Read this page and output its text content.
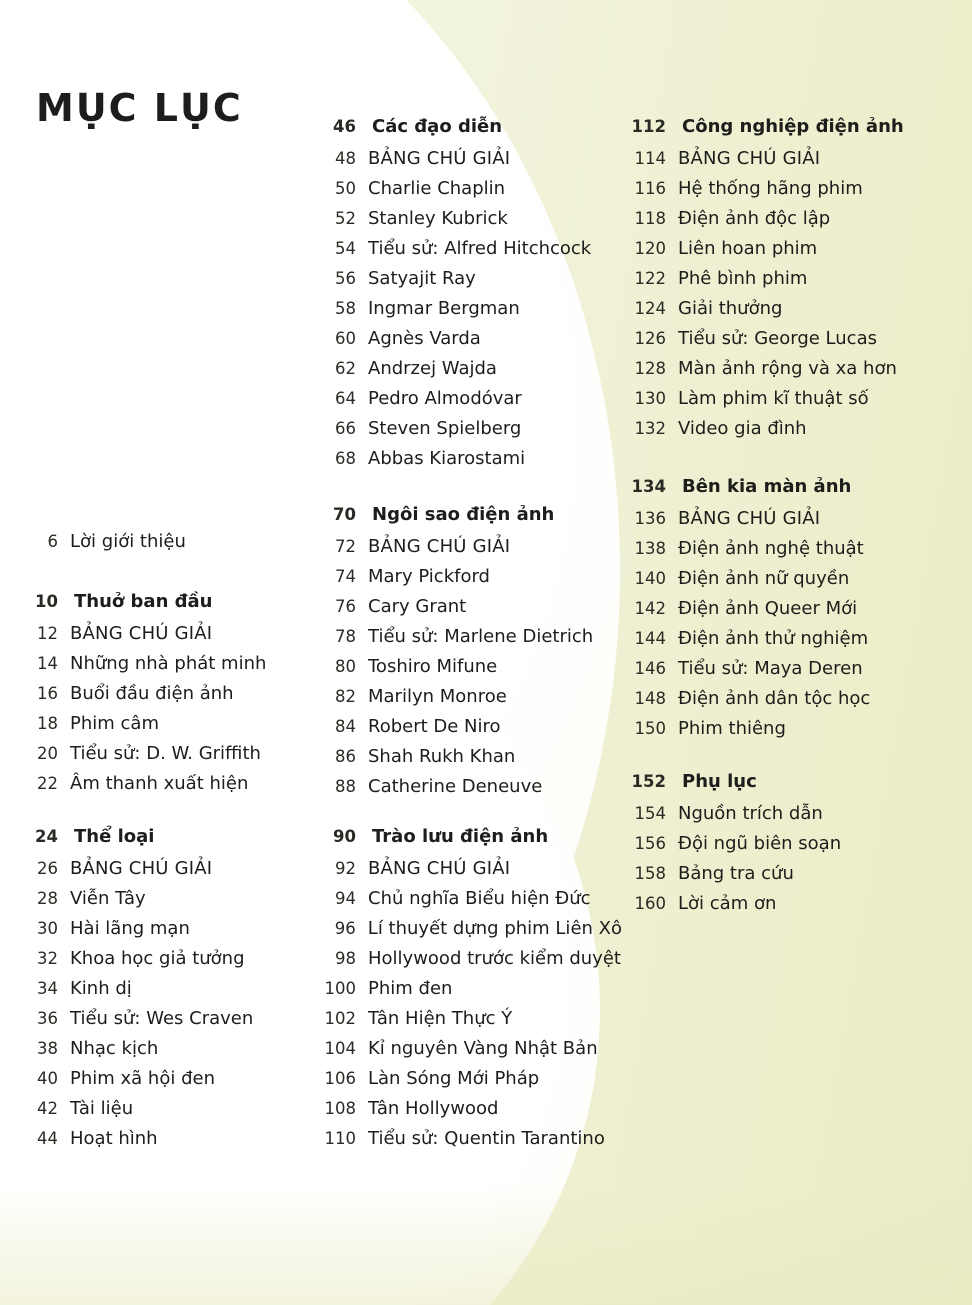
MỤC LỤC
6 Lời giới thiệu
10 Thuở ban đầu
12 BẢNG CHÚ GIẢI
14 Những nhà phát minh
16 Buổi đầu điện ảnh
18 Phim câm
20 Tiểu sử: D. W. Griffith
22 Âm thanh xuất hiện
24 Thể loại
26 BẢNG CHÚ GIẢI
28 Viễn Tây
30 Hài lãng mạn
32 Khoa học giả tưởng
34 Kinh dị
36 Tiểu sử: Wes Craven
38 Nhạc kịch
40 Phim xã hội đen
42 Tài liệu
44 Hoạt hình
46 Các đạo diễn
48 BẢNG CHÚ GIẢI
50 Charlie Chaplin
52 Stanley Kubrick
54 Tiểu sử: Alfred Hitchcock
56 Satyajit Ray
58 Ingmar Bergman
60 Agnès Varda
62 Andrzej Wajda
64 Pedro Almodóvar
66 Steven Spielberg
68 Abbas Kiarostami
70 Ngôi sao điện ảnh
72 BẢNG CHÚ GIẢI
74 Mary Pickford
76 Cary Grant
78 Tiểu sử: Marlene Dietrich
80 Toshiro Mifune
82 Marilyn Monroe
84 Robert De Niro
86 Shah Rukh Khan
88 Catherine Deneuve
90 Trào lưu điện ảnh
92 BẢNG CHÚ GIẢI
94 Chủ nghĩa Biểu hiện Đức
96 Lí thuyết dựng phim Liên Xô
98 Hollywood trước kiểm duyệt
100 Phim đen
102 Tân Hiện Thực Ý
104 Kỉ nguyên Vàng Nhật Bản
106 Làn Sóng Mới Pháp
108 Tân Hollywood
110 Tiểu sử: Quentin Tarantino
112 Công nghiệp điện ảnh
114 BẢNG CHÚ GIẢI
116 Hệ thống hãng phim
118 Điện ảnh độc lập
120 Liên hoan phim
122 Phê bình phim
124 Giải thưởng
126 Tiểu sử: George Lucas
128 Màn ảnh rộng và xa hơn
130 Làm phim kĩ thuật số
132 Video gia đình
134 Bên kia màn ảnh
136 BẢNG CHÚ GIẢI
138 Điện ảnh nghệ thuật
140 Điện ảnh nữ quyền
142 Điện ảnh Queer Mới
144 Điện ảnh thử nghiệm
146 Tiểu sử: Maya Deren
148 Điện ảnh dân tộc học
150 Phim thiêng
152 Phụ lục
154 Nguồn trích dẫn
156 Đội ngũ biên soạn
158 Bảng tra cứu
160 Lời cảm ơn
